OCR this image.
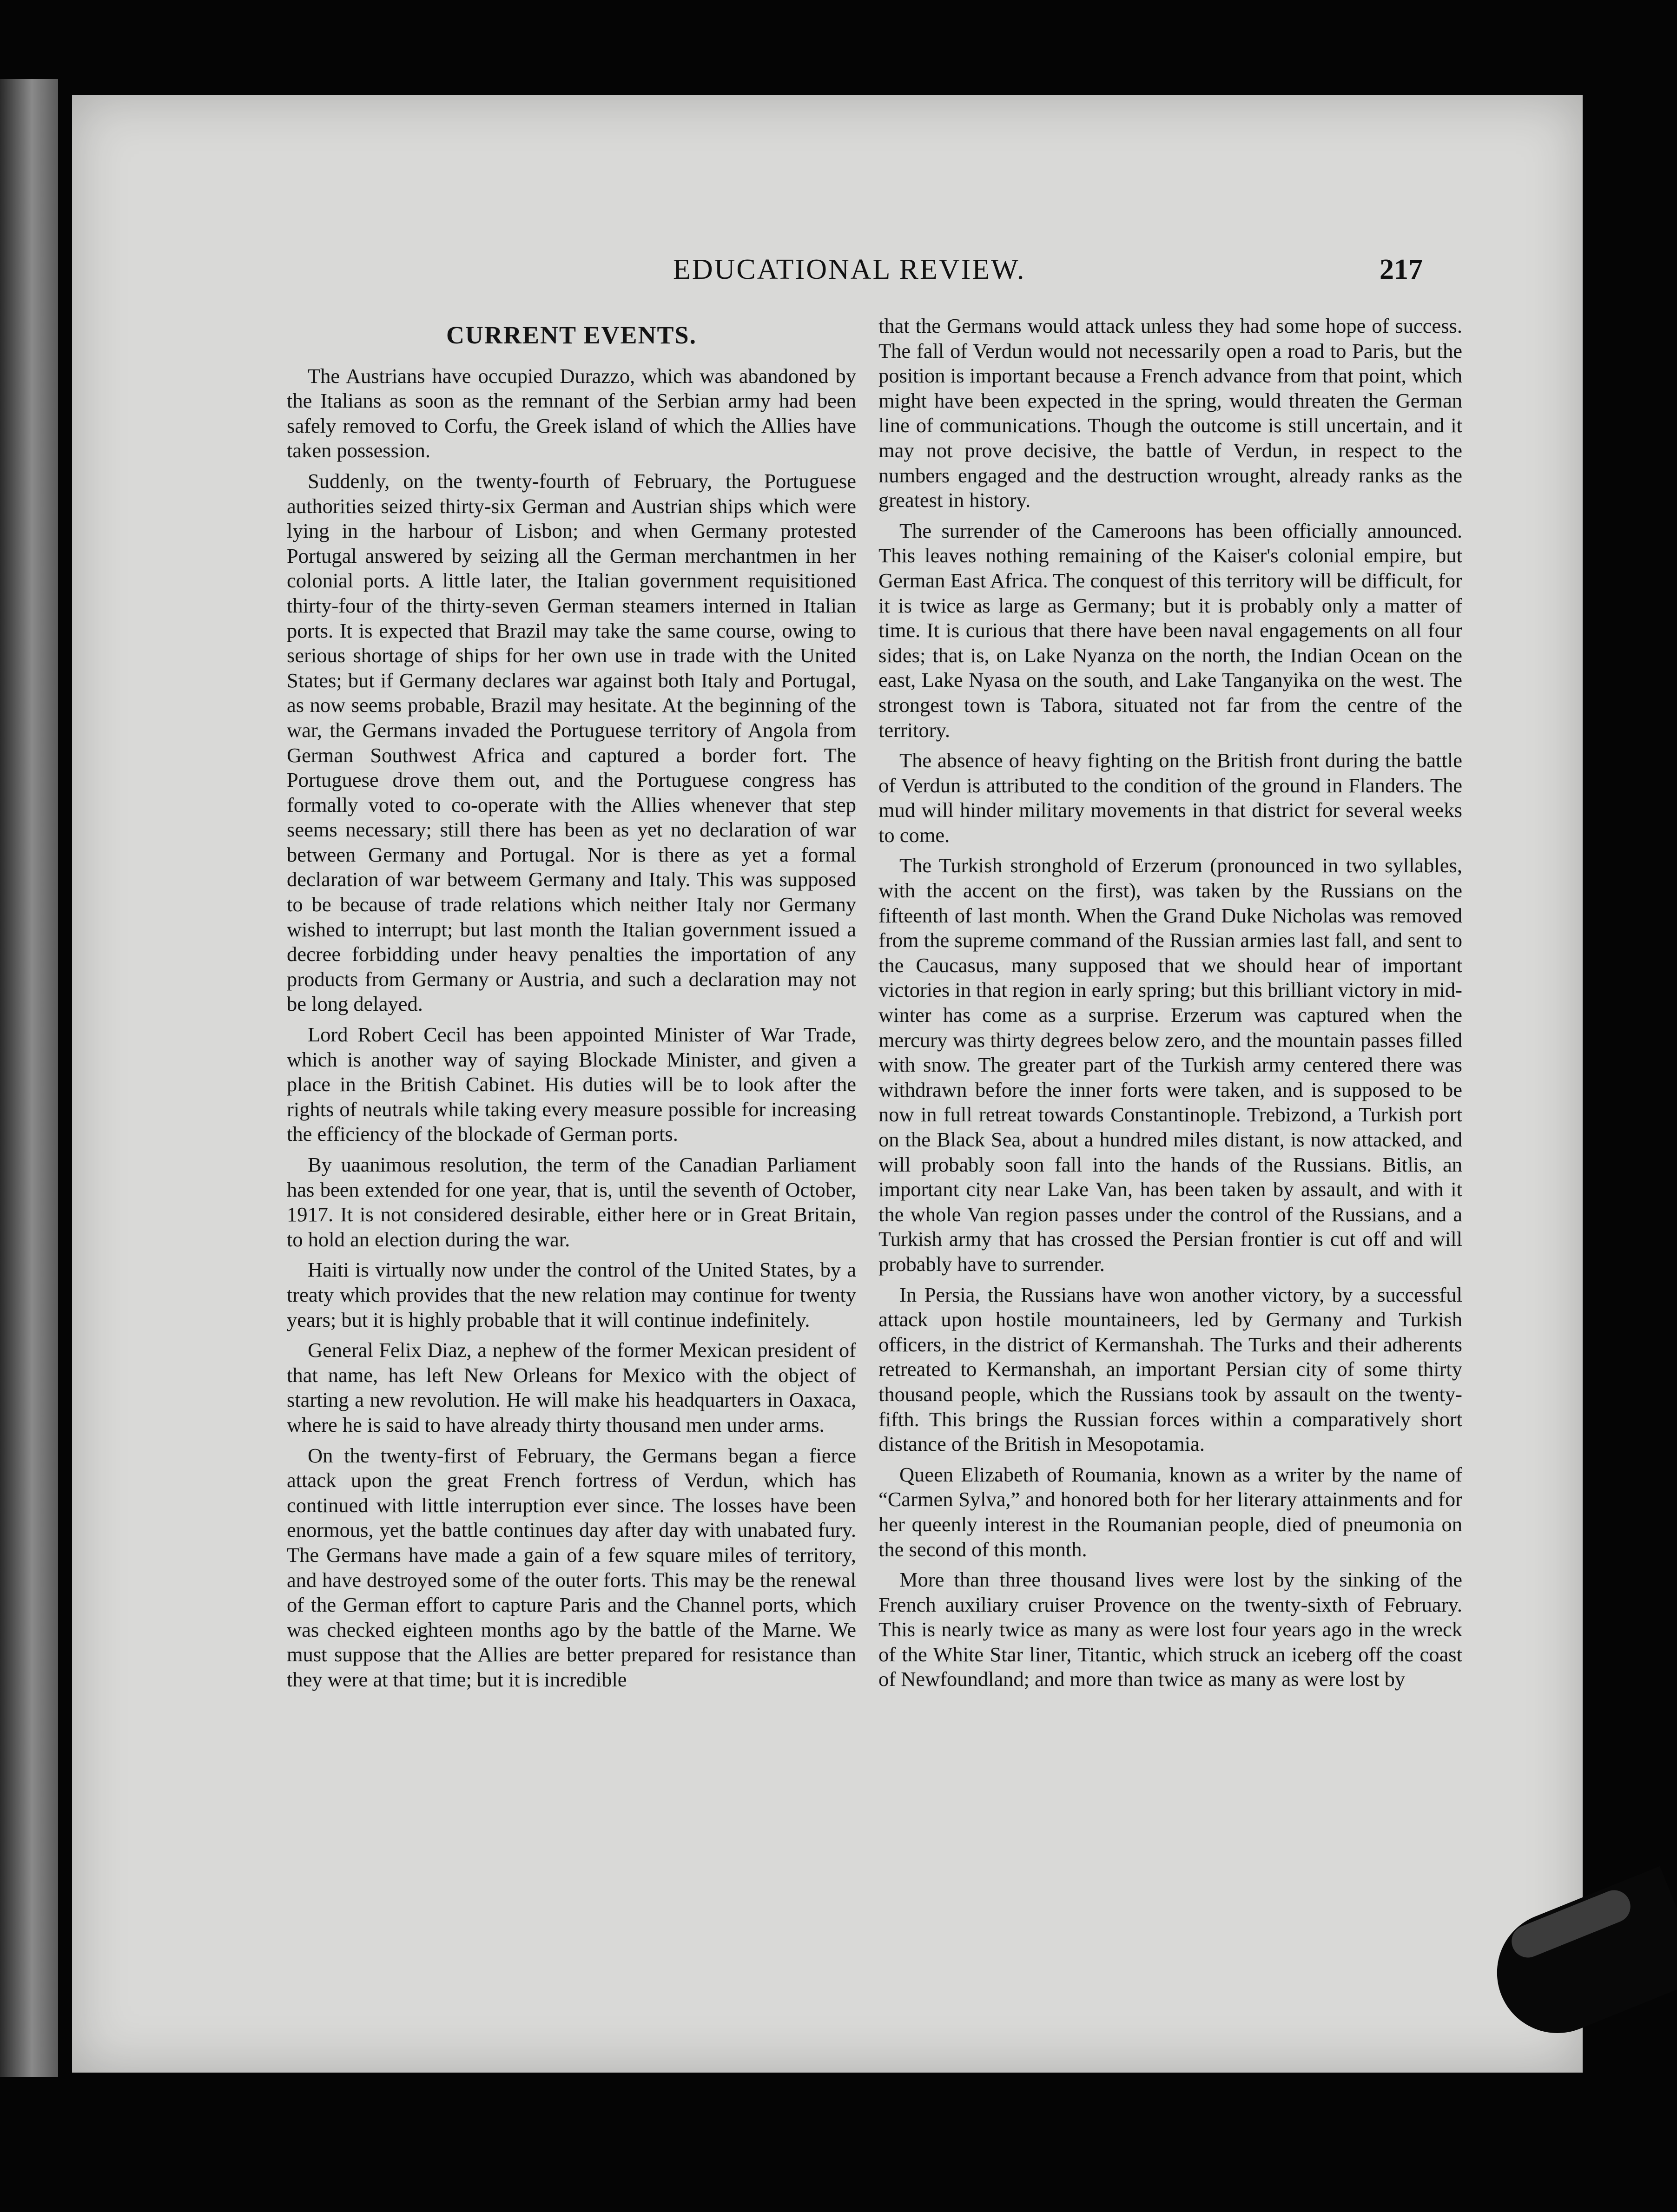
EDUCATIONAL REVIEW.	217
CURRENT EVENTS.

The Austrians have occupied Durazzo, which was abandoned by the Italians as soon as the remnant of the Serbian army had been safely removed to Corfu, the Greek island of which the Allies have taken possession.

Suddenly, on the twenty-fourth of February, the Portuguese authorities seized thirty-six German and Austrian ships which were lying in the harbour of Lisbon; and when Germany protested Portugal answered by seizing all the German merchantmen in her colonial ports. A little later, the Italian government requisitioned thirty-four of the thirty-seven German steamers interned in Italian ports. It is expected that Brazil may take the same course, owing to serious shortage of ships for her own use in trade with the United States; but if Germany declares war against both Italy and Portugal, as now seems probable, Brazil may hesitate. At the beginning of the war, the Germans invaded the Portuguese territory of Angola from German Southwest Africa and captured a border fort. The Portuguese drove them out, and the Portuguese congress has formally voted to co-operate with the Allies whenever that step seems necessary; still there has been as yet no declaration of war between Germany and Portugal. Nor is there as yet a formal declaration of war betweem Germany and Italy. This was supposed to be because of trade relations which neither Italy nor Germany wished to interrupt; but last month the Italian government issued a decree forbidding under heavy penalties the importation of any products from Germany or Austria, and such a declaration may not be long delayed.

Lord Robert Cecil has been appointed Minister of War Trade, which is another way of saying Blockade Minister, and given a place in the British Cabinet. His duties will be to look after the rights of neutrals while taking every measure possible for increasing the efficiency of the blockade of German ports.

By uaanimous resolution, the term of the Canadian Parliament has been extended for one year, that is, until the seventh of October, 1917. It is not considered desirable, either here or in Great Britain, to hold an election during the war.

Haiti is virtually now under the control of the United States, by a treaty which provides that the new relation may continue for twenty years; but it is highly probable that it will continue indefinitely.

General Felix Diaz, a nephew of the former Mexican president of that name, has left New Orleans for Mexico with the object of starting a new revolution. He will make his headquarters in Oaxaca, where he is said to have already thirty thousand men under arms.

On the twenty-first of February, the Germans began a fierce attack upon the great French fortress of Verdun, which has continued with little interruption ever since. The losses have been enormous, yet the battle continues day after day with unabated fury. The Germans have made a gain of a few square miles of territory, and have destroyed some of the outer forts. This may be the renewal of the German effort to capture Paris and the Channel ports, which was checked eighteen months ago by the battle of the Marne. We must suppose that the Allies are better prepared for resistance than they were at that time; but it is incredible

that the Germans would attack unless they had some hope of success. The fall of Verdun would not necessarily open a road to Paris, but the position is important because a French advance from that point, which might have been expected in the spring, would threaten the German line of communications. Though the outcome is still uncertain, and it may not prove decisive, the battle of Verdun, in respect to the numbers engaged and the destruction wrought, already ranks as the greatest in history.

The surrender of the Cameroons has been officially announced. This leaves nothing remaining of the Kaiser's colonial empire, but German East Africa. The conquest of this territory will be difficult, for it is twice as large as Germany; but it is probably only a matter of time. It is curious that there have been naval engagements on all four sides; that is, on Lake Nyanza on the north, the Indian Ocean on the east, Lake Nyasa on the south, and Lake Tanganyika on the west. The strongest town is Tabora, situated not far from the centre of the territory.

The absence of heavy fighting on the British front during the battle of Verdun is attributed to the condition of the ground in Flanders. The mud will hinder military movements in that district for several weeks to come.

The Turkish stronghold of Erzerum (pronounced in two syllables, with the accent on the first), was taken by the Russians on the fifteenth of last month. When the Grand Duke Nicholas was removed from the supreme command of the Russian armies last fall, and sent to the Caucasus, many supposed that we should hear of important victories in that region in early spring; but this brilliant victory in mid-winter has come as a surprise. Erzerum was captured when the mercury was thirty degrees below zero, and the mountain passes filled with snow. The greater part of the Turkish army centered there was withdrawn before the inner forts were taken, and is supposed to be now in full retreat towards Constantinople. Trebizond, a Turkish port on the Black Sea, about a hundred miles distant, is now attacked, and will probably soon fall into the hands of the Russians. Bitlis, an important city near Lake Van, has been taken by assault, and with it the whole Van region passes under the control of the Russians, and a Turkish army that has crossed the Persian frontier is cut off and will probably have to surrender.

In Persia, the Russians have won another victory, by a successful attack upon hostile mountaineers, led by Germany and Turkish officers, in the district of Kermanshah. The Turks and their adherents retreated to Kermanshah, an important Persian city of some thirty thousand people, which the Russians took by assault on the twenty-fifth. This brings the Russian forces within a comparatively short distance of the British in Mesopotamia.

Queen Elizabeth of Roumania, known as a writer by the name of “Carmen Sylva,” and honored both for her literary attainments and for her queenly interest in the Roumanian people, died of pneumonia on the second of this month.

More than three thousand lives were lost by the sinking of the French auxiliary cruiser Provence on the twenty-sixth of February. This is nearly twice as many as were lost four years ago in the wreck of the White Star liner, Titantic, which struck an iceberg off the coast of Newfoundland; and more than twice as many as were lost by
